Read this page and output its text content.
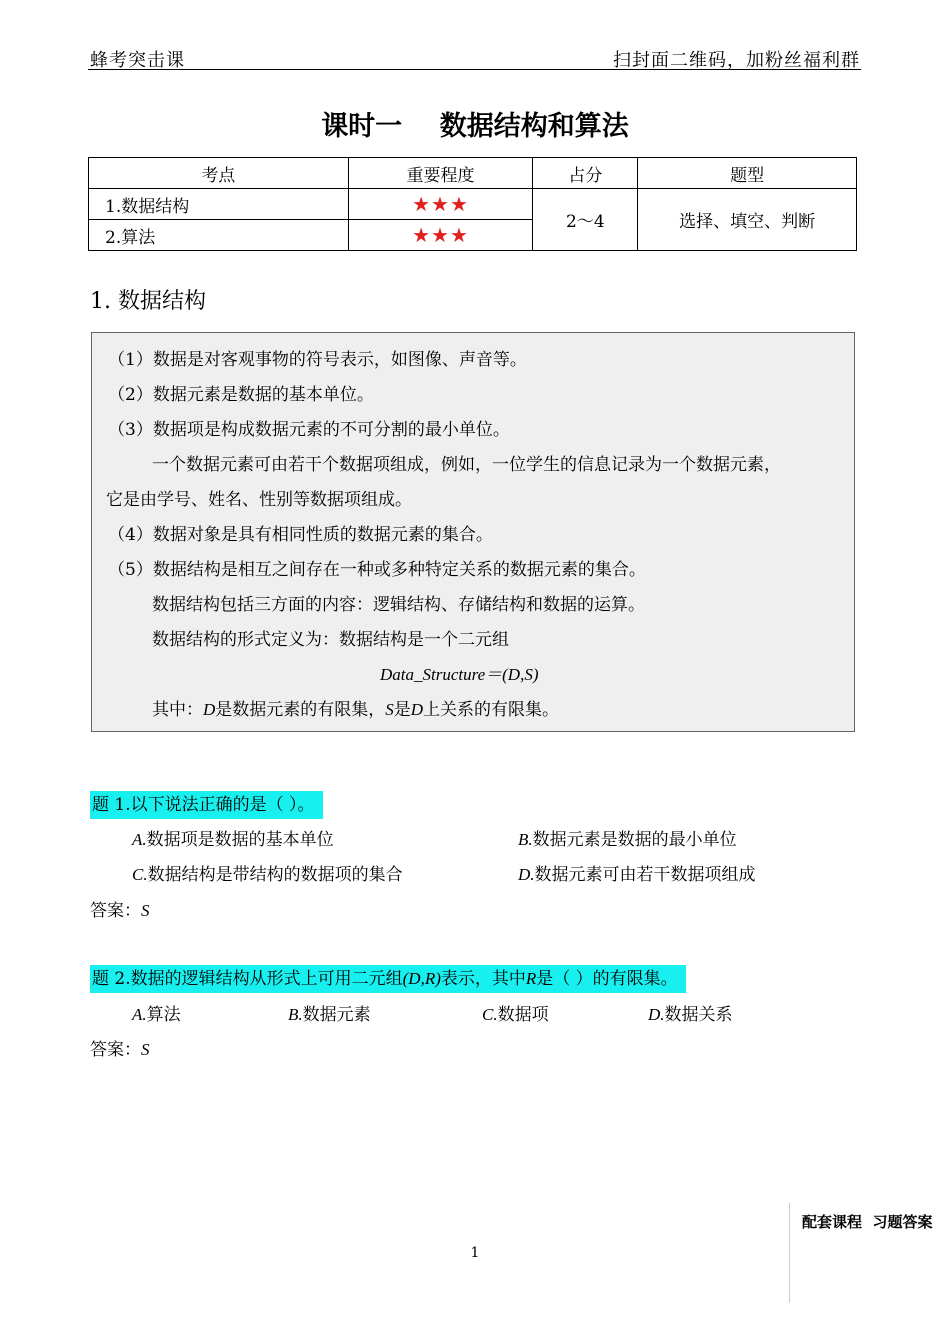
蜂考突击课	扫封面二维码，加粉丝福利群
课时一    数据结构和算法
考点	重要程度	占分	题型
1.数据结构	★★★	2～4	选择、填空、判断
2.算法	★★★		
1. 数据结构
（1）数据是对客观事物的符号表示，如图像、声音等。
（2）数据元素是数据的基本单位。
（3）数据项是构成数据元素的不可分割的最小单位。
一个数据元素可由若干个数据项组成，例如，一位学生的信息记录为一个数据元素，
它是由学号、姓名、性别等数据项组成。
（4）数据对象是具有相同性质的数据元素的集合。
（5）数据结构是相互之间存在一种或多种特定关系的数据元素的集合。
数据结构包括三方面的内容：逻辑结构、存储结构和数据的运算。
数据结构的形式定义为：数据结构是一个二元组
Data_Structure＝(D,S)
其中：D是数据元素的有限集，S是D上关系的有限集。
题 1.以下说法正确的是（ ）。
A.数据项是数据的基本单位	B.数据元素是数据的最小单位
C.数据结构是带结构的数据项的集合	D.数据元素可由若干数据项组成
答案：S
题 2.数据的逻辑结构从形式上可用二元组(D,R)表示，其中R是（ ）的有限集。
A.算法	B.数据元素	C.数据项	D.数据关系
答案：S
配套课程  习题答案
1
